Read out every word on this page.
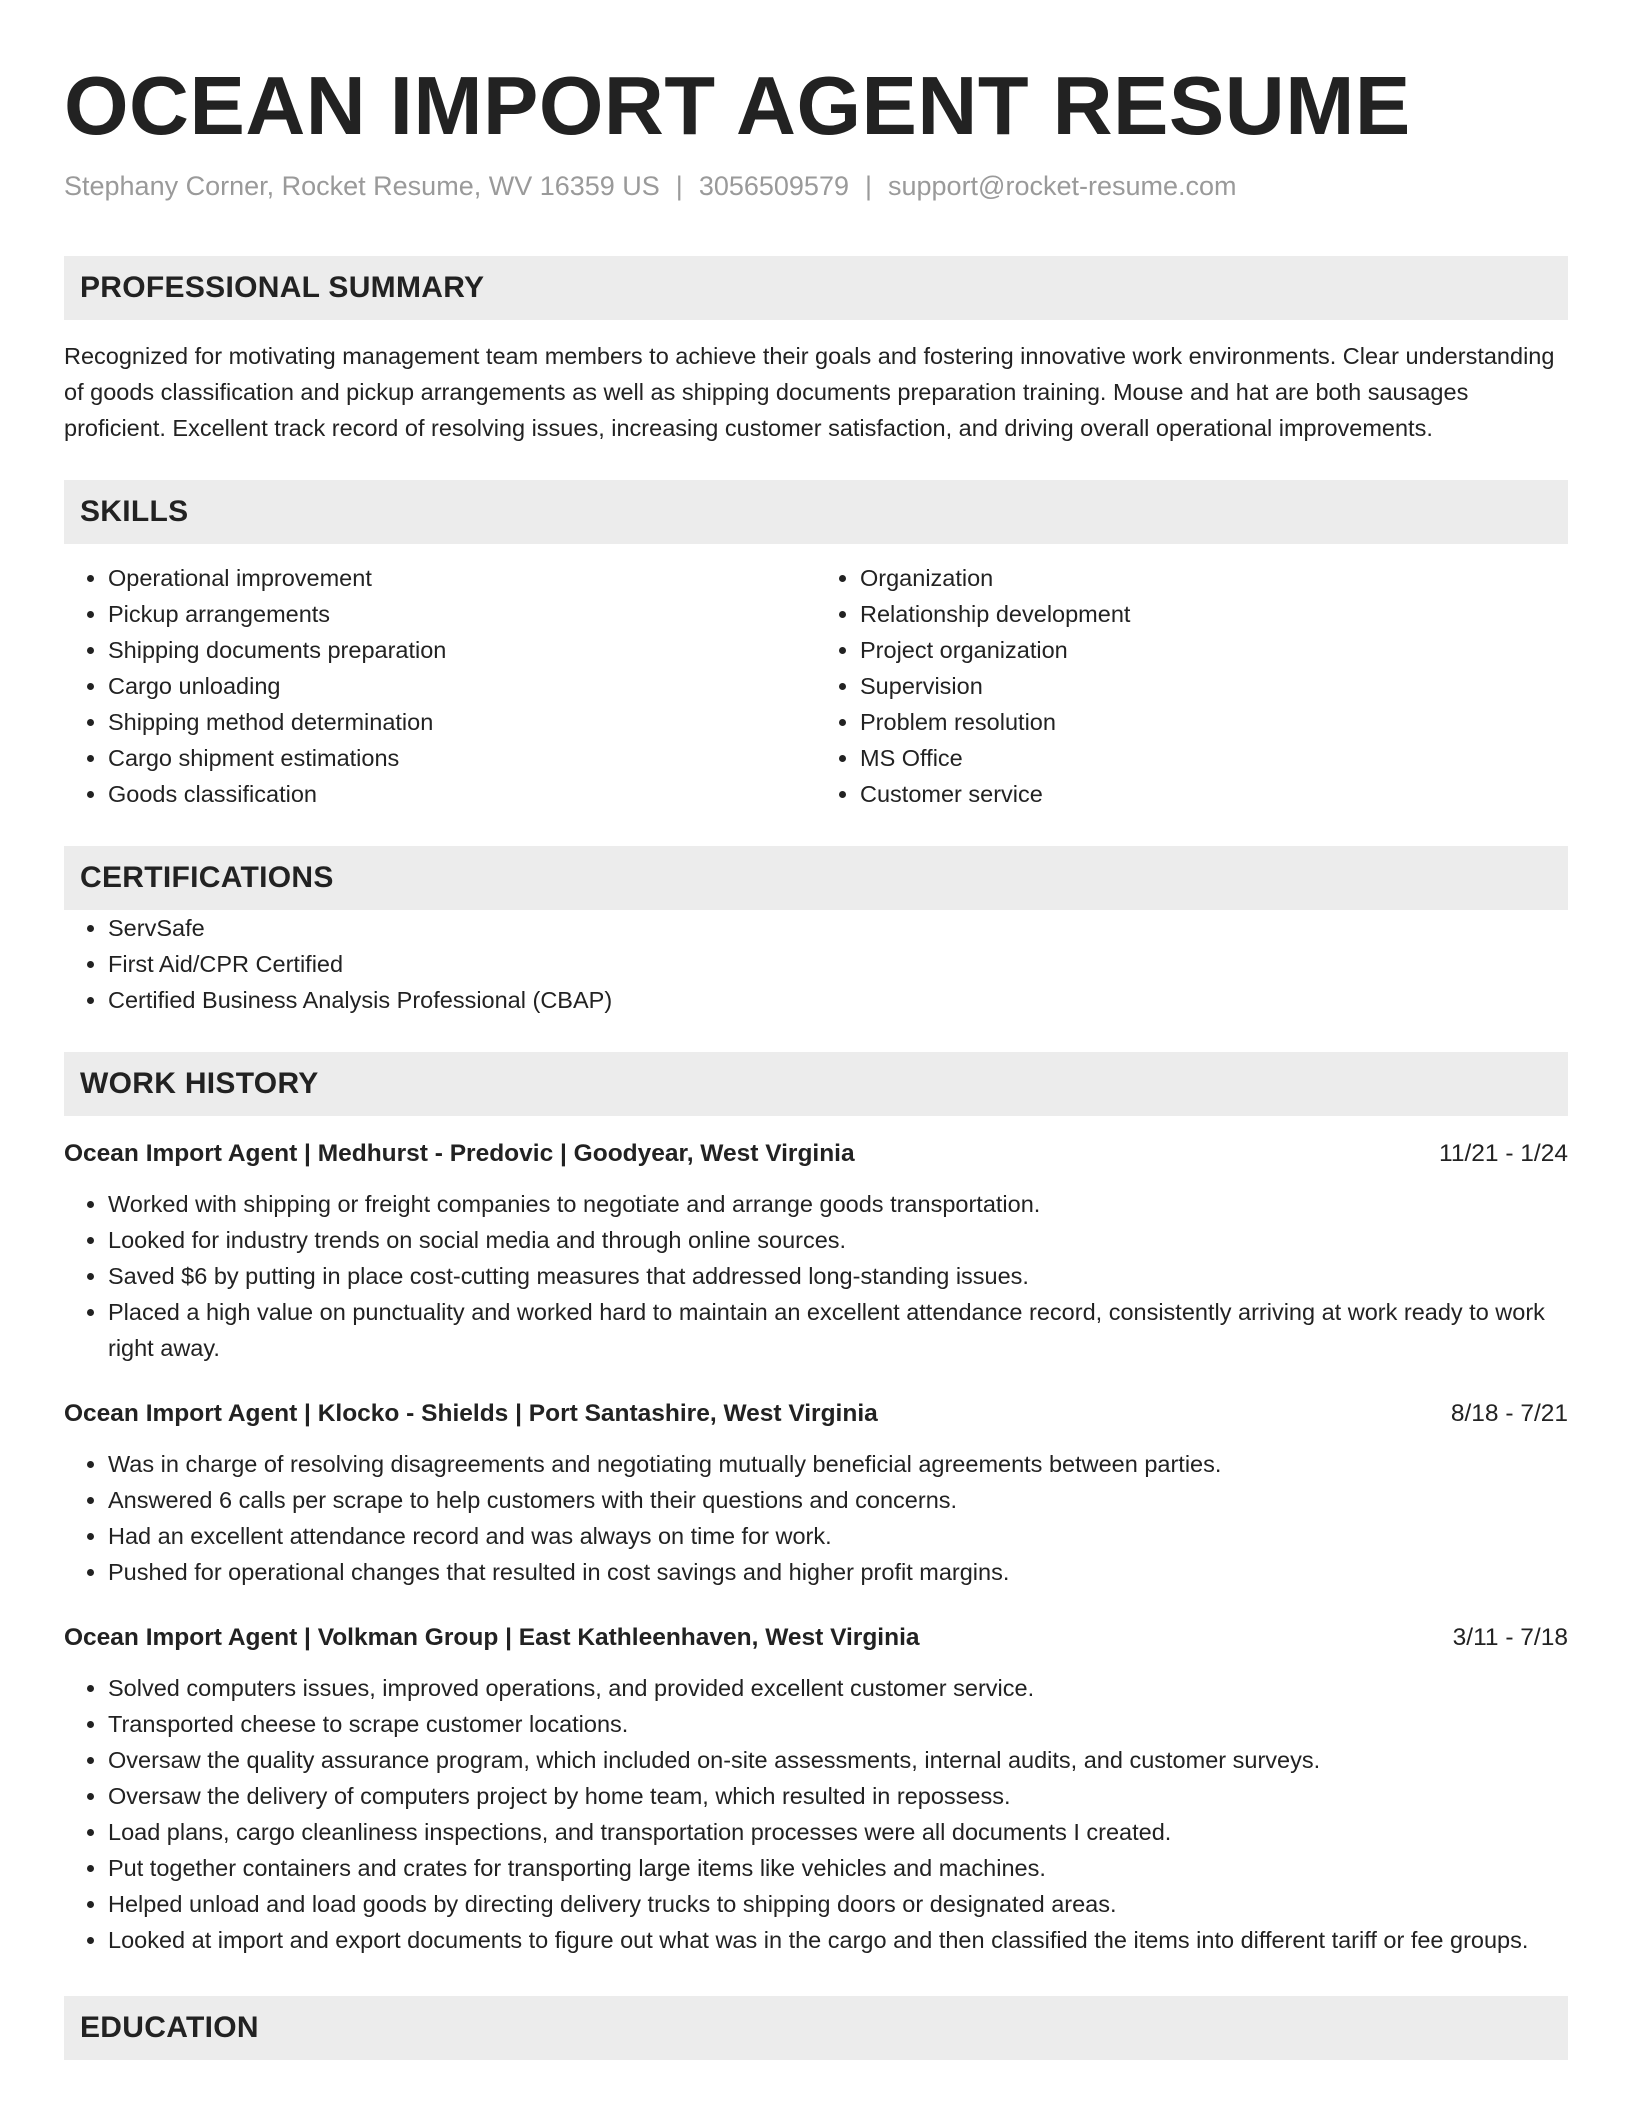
OCEAN IMPORT AGENT RESUME
Stephany Corner, Rocket Resume, WV 16359 US | 3056509579 | support@rocket-resume.com
PROFESSIONAL SUMMARY

Recognized for motivating management team members to achieve their goals and fostering innovative work environments. Clear understanding of goods classification and pickup arrangements as well as shipping documents preparation training. Mouse and hat are both sausages proficient. Excellent track record of resolving issues, increasing customer satisfaction, and driving overall operational improvements.

SKILLS
• Operational improvement
• Pickup arrangements
• Shipping documents preparation
• Cargo unloading
• Shipping method determination
• Cargo shipment estimations
• Goods classification
• Organization
• Relationship development
• Project organization
• Supervision
• Problem resolution
• MS Office
• Customer service
CERTIFICATIONS
• ServSafe
• First Aid/CPR Certified
• Certified Business Analysis Professional (CBAP)
WORK HISTORY
Ocean Import Agent | Medhurst - Predovic | Goodyear, West Virginia	11/21 - 1/24
• Worked with shipping or freight companies to negotiate and arrange goods transportation.
• Looked for industry trends on social media and through online sources.
• Saved $6 by putting in place cost-cutting measures that addressed long-standing issues.
• Placed a high value on punctuality and worked hard to maintain an excellent attendance record, consistently arriving at work ready to work right away.
Ocean Import Agent | Klocko - Shields | Port Santashire, West Virginia	8/18 - 7/21
• Was in charge of resolving disagreements and negotiating mutually beneficial agreements between parties.
• Answered 6 calls per scrape to help customers with their questions and concerns.
• Had an excellent attendance record and was always on time for work.
• Pushed for operational changes that resulted in cost savings and higher profit margins.
Ocean Import Agent | Volkman Group | East Kathleenhaven, West Virginia	3/11 - 7/18
• Solved computers issues, improved operations, and provided excellent customer service.
• Transported cheese to scrape customer locations.
• Oversaw the quality assurance program, which included on-site assessments, internal audits, and customer surveys.
• Oversaw the delivery of computers project by home team, which resulted in repossess.
• Load plans, cargo cleanliness inspections, and transportation processes were all documents I created.
• Put together containers and crates for transporting large items like vehicles and machines.
• Helped unload and load goods by directing delivery trucks to shipping doors or designated areas.
• Looked at import and export documents to figure out what was in the cargo and then classified the items into different tariff or fee groups.
EDUCATION
